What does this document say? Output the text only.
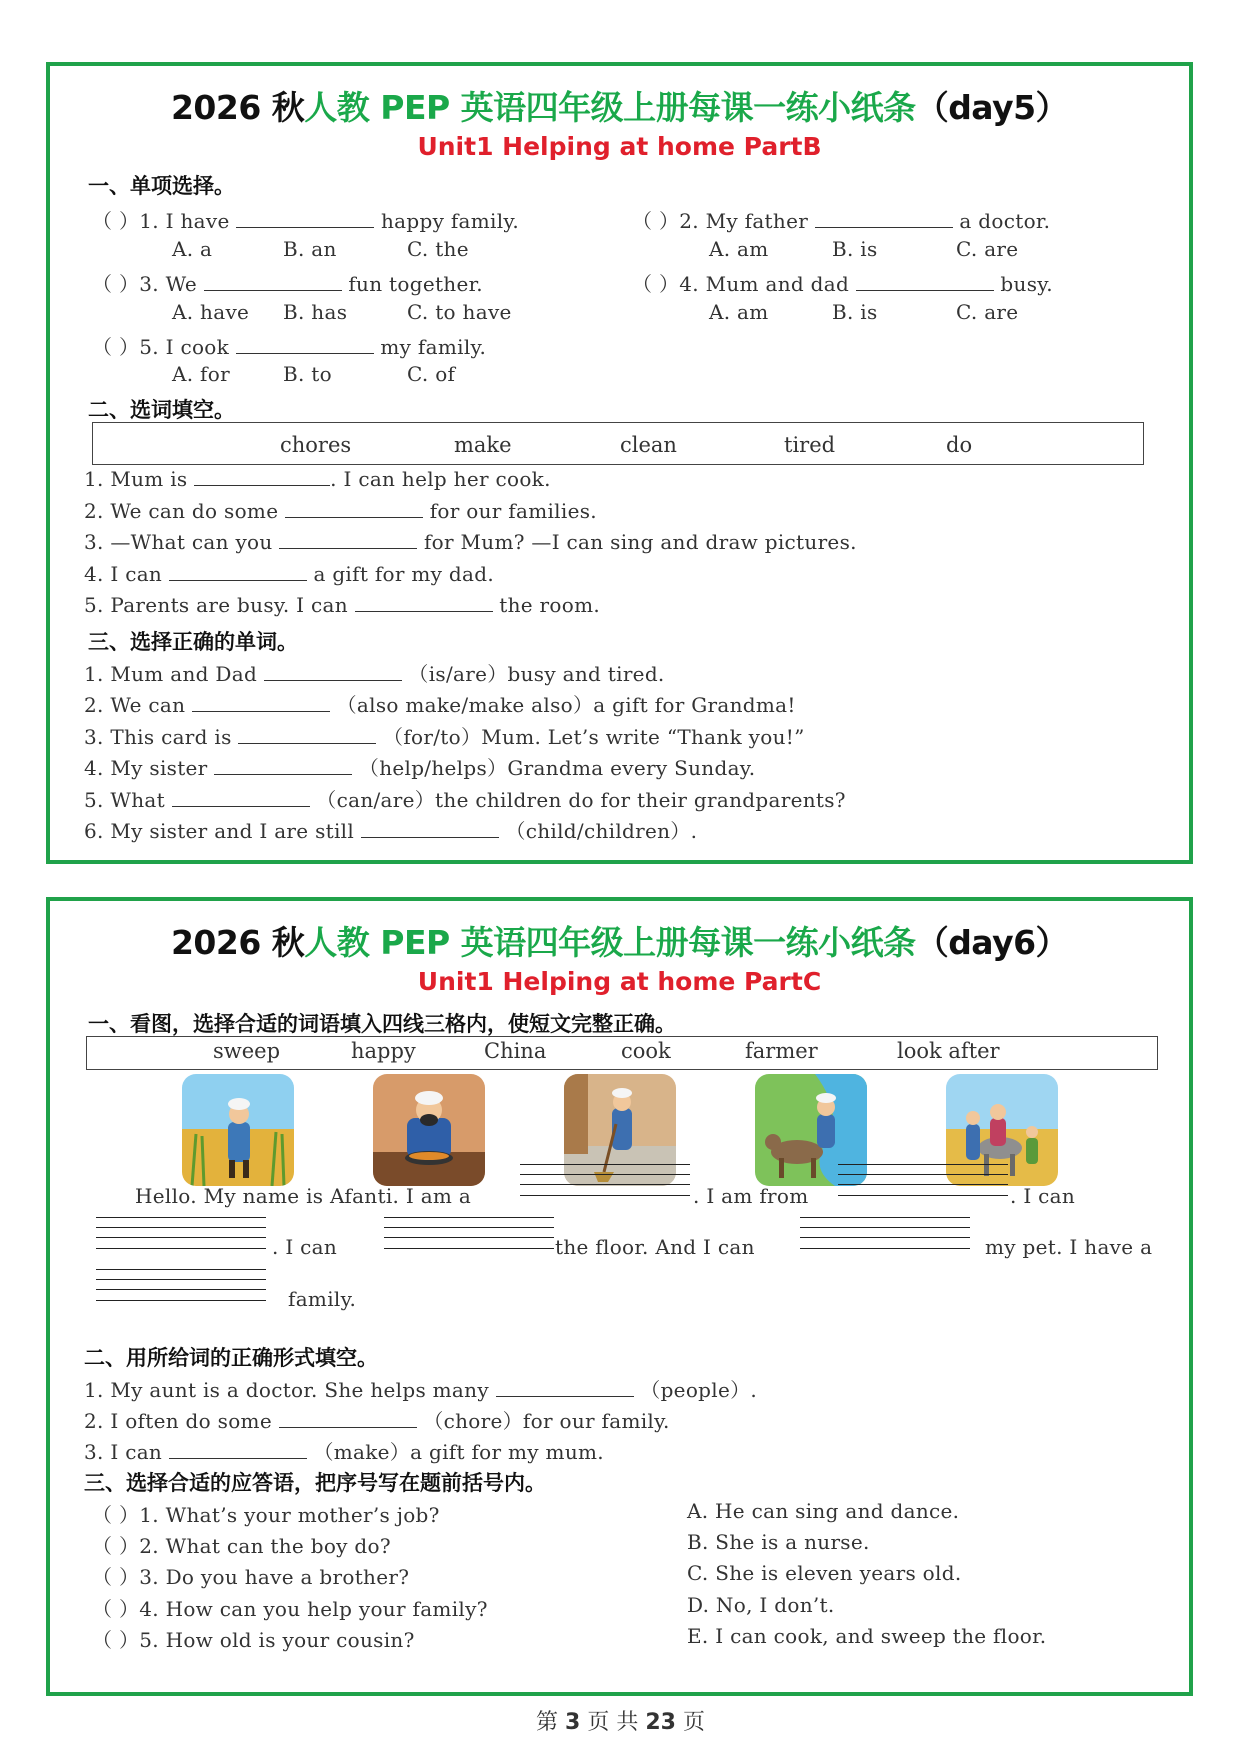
2026 秋人教 PEP 英语四年级上册每课一练小纸条（day5）
Unit1 Helping at home PartB
一、单项选择。
（ ）1. I have	happy family.	（ ）2. My father	a doctor.
A. a	B. an	C. the	A. am	B. is	C. are
（ ）3. We	fun together.	（ ）4. Mum and dad	busy.
A. have B. has	C. to have	A. am	B. is	C. are
（ ）5. I cook	my family.
A. for	B. to	C. of
二、选词填空。
chores	make	clean	tired	do
1. Mum is	. I can help her cook.
2. We can do some	for our families.
3. —What can you	for Mum? —I can sing and draw pictures.
4. I can	a gift for my dad.
5. Parents are busy. I can	the room.
三、选择正确的单词。
1. Mum and Dad	（is/are）busy and tired.
2. We can	（also make/make also）a gift for Grandma!
3. This card is	（for/to）Mum. Let’s write “Thank you!”
4. My sister	（help/helps）Grandma every Sunday.
5. What	（can/are）the children do for their grandparents?
6. My sister and I are still	（child/children）.
2026 秋人教 PEP 英语四年级上册每课一练小纸条（day6）
Unit1 Helping at home PartC
一、看图，选择合适的词语填入四线三格内，使短文完整正确。
sweep	happy	China	cook	farmer	look after
Hello. My name is Afanti. I am a	. I am from	. I can
. I can	the floor. And I can	my pet. I have a
family.
二、用所给词的正确形式填空。
1. My aunt is a doctor. She helps many	（people）.
2. I often do some	（chore）for our family.
3. I can	（make）a gift for my mum.
三、选择合适的应答语，把序号写在题前括号内。
（ ）1. What’s your mother’s job?	A. He can sing and dance.
（ ）2. What can the boy do?	B. She is a nurse.
（ ）3. Do you have a brother?	C. She is eleven years old.
（ ）4. How can you help your family?	D. No, I don’t.
（ ）5. How old is your cousin?	E. I can cook, and sweep the floor.
第 3 页 共 23 页
